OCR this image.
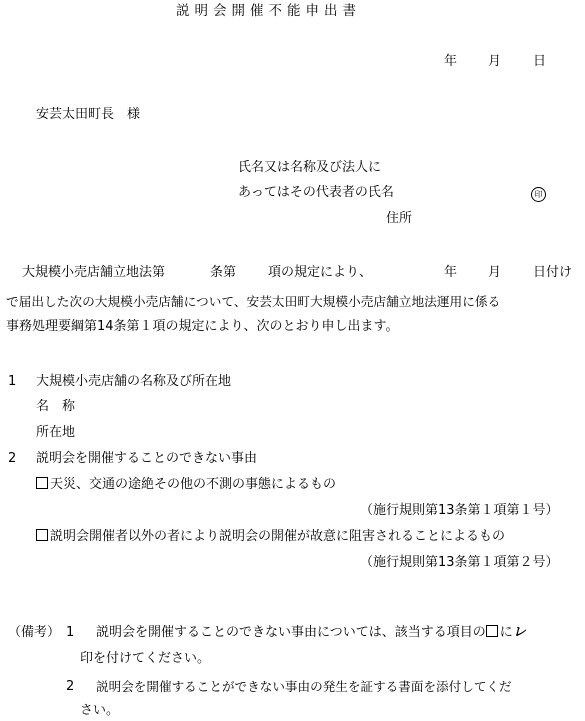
説明会開催不能申出書
年 月 日
安芸太田町長　様
氏名又は名称及び法人に
あってはその代表者の氏名	印
住所
大規模小売店舗立地法第	条第 項の規定により、	年 月 日付け
で届出した次の大規模小売店舗について、安芸太田町大規模小売店舗立地法運用に係る
事務処理要綱第14条第１項の規定により、次のとおり申し出ます。
1 大規模小売店舗の名称及び所在地
名　称
所在地
2 説明会を開催することのできない事由
天災、交通の途絶その他の不測の事態によるもの
（施行規則第13条第１項第１号）
説明会開催者以外の者により説明会の開催が故意に阻害されることによるもの
（施行規則第13条第１項第２号）
（備考） 1 説明会を開催することのできない事由については、該当する項目の にレ
印を付けてください。
2 説明会を開催することができない事由の発生を証する書面を添付してくだ
さい。
